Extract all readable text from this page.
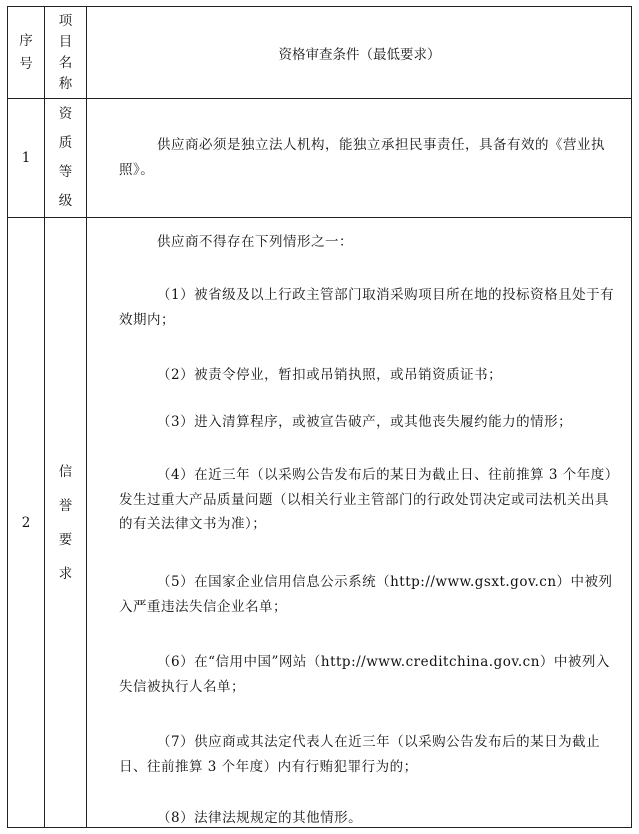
序号
项目名称
资格审查条件（最低要求）
1
资质等级
供应商必须是独立法人机构，能独立承担民事责任，具备有效的《营业执照》。
2
信誉要求
供应商不得存在下列情形之一：
（1）被省级及以上行政主管部门取消采购项目所在地的投标资格且处于有效期内；
（2）被责令停业，暂扣或吊销执照，或吊销资质证书；
（3）进入清算程序，或被宣告破产，或其他丧失履约能力的情形；
（4）在近三年（以采购公告发布后的某日为截止日、往前推算 3 个年度）发生过重大产品质量问题（以相关行业主管部门的行政处罚决定或司法机关出具的有关法律文书为准）；
（5）在国家企业信用信息公示系统（http://www.gsxt.gov.cn）中被列入严重违法失信企业名单；
（6）在“信用中国”网站（http://www.creditchina.gov.cn）中被列入失信被执行人名单；
（7）供应商或其法定代表人在近三年（以采购公告发布后的某日为截止日、往前推算 3 个年度）内有行贿犯罪行为的；
（8）法律法规规定的其他情形。
